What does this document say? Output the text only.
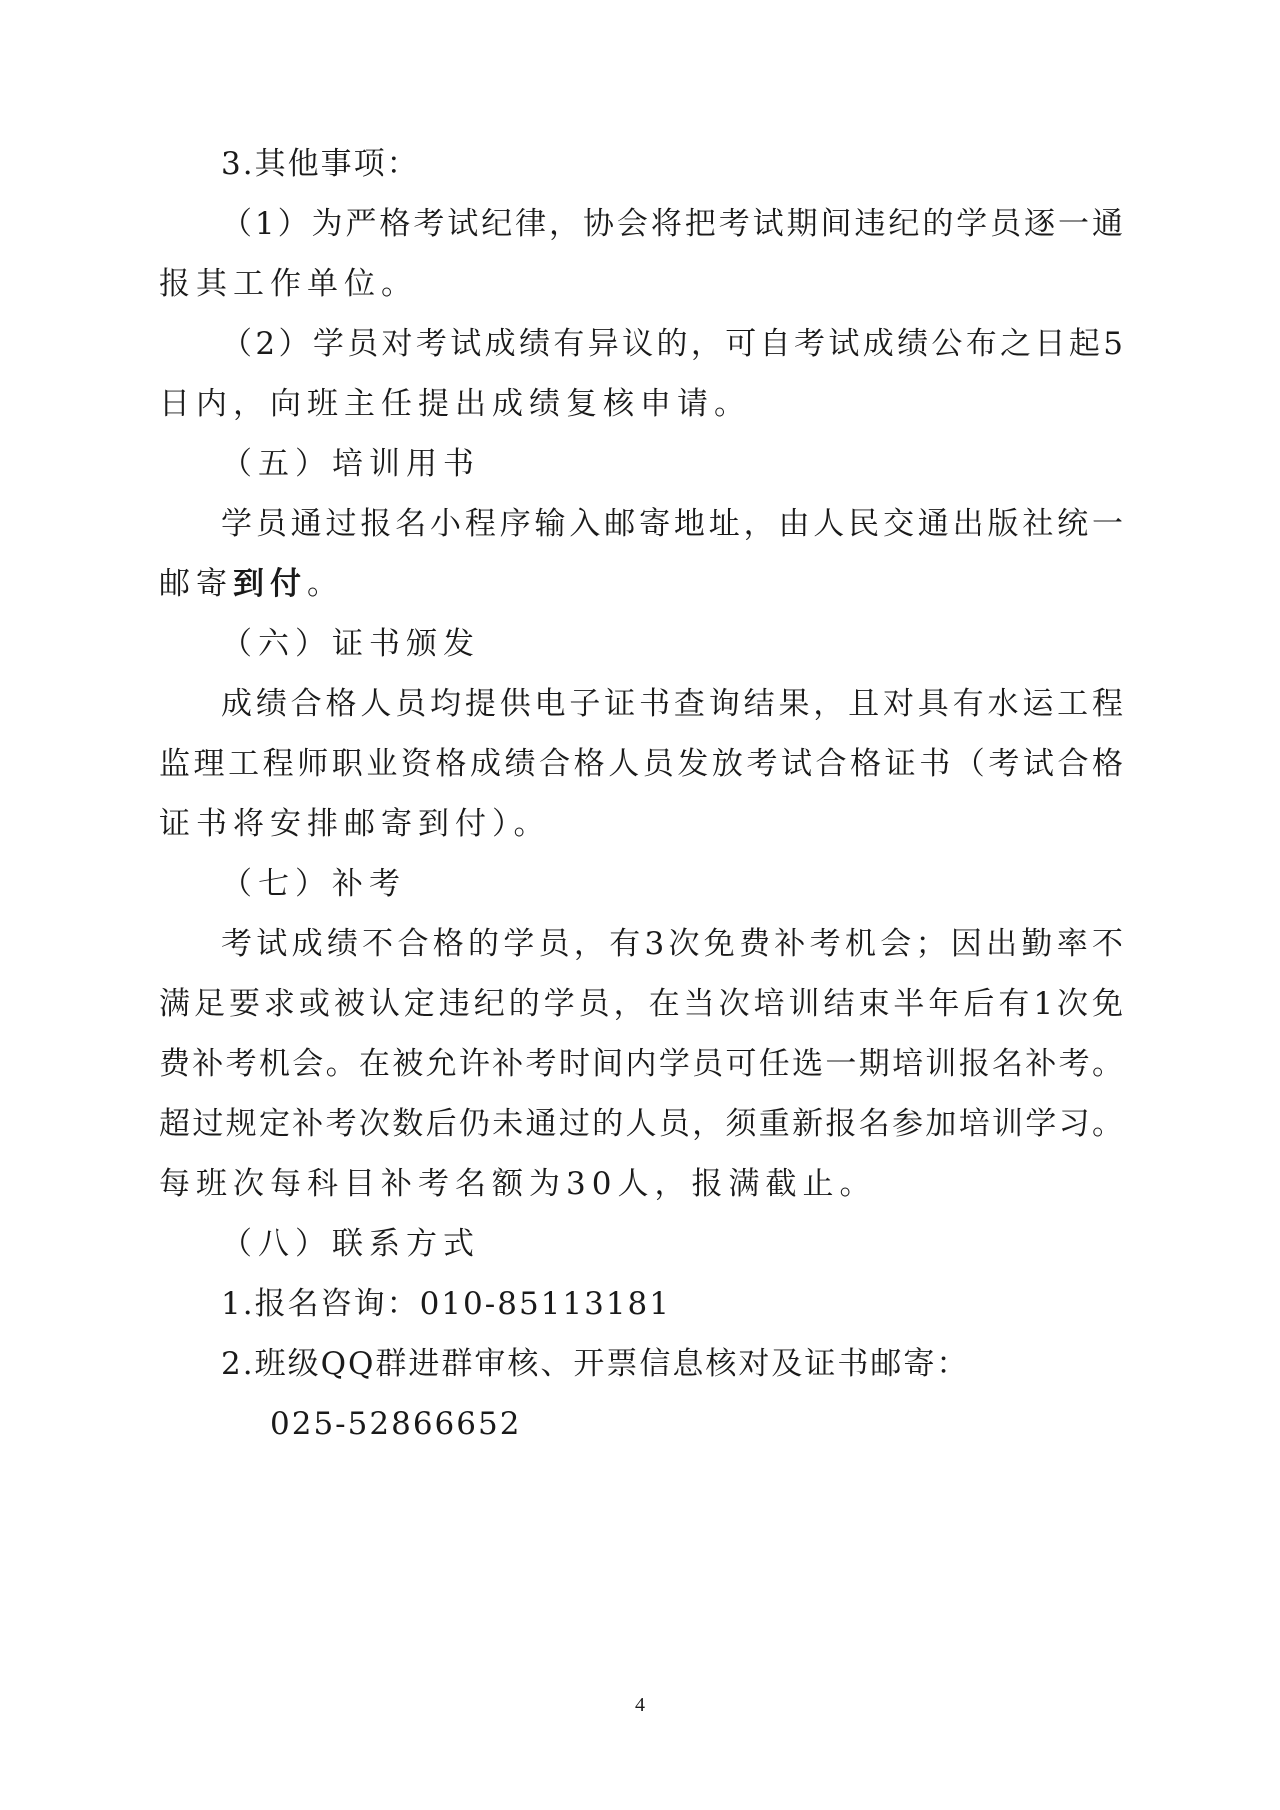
3.其他事项：
（1）为严格考试纪律，协会将把考试期间违纪的学员逐一通
报其工作单位。
（2）学员对考试成绩有异议的，可自考试成绩公布之日起5
日内，向班主任提出成绩复核申请。
（五）培训用书
学员通过报名小程序输入邮寄地址，由人民交通出版社统一
邮寄到付。
（六）证书颁发
成绩合格人员均提供电子证书查询结果，且对具有水运工程
监理工程师职业资格成绩合格人员发放考试合格证书（考试合格
证书将安排邮寄到付）。
（七）补考
考试成绩不合格的学员，有3次免费补考机会；因出勤率不
满足要求或被认定违纪的学员，在当次培训结束半年后有1次免
费补考机会。在被允许补考时间内学员可任选一期培训报名补考。
超过规定补考次数后仍未通过的人员，须重新报名参加培训学习。
每班次每科目补考名额为30人，报满截止。
（八）联系方式
1.报名咨询：010-85113181
2.班级QQ群进群审核、开票信息核对及证书邮寄：
025-52866652
4
